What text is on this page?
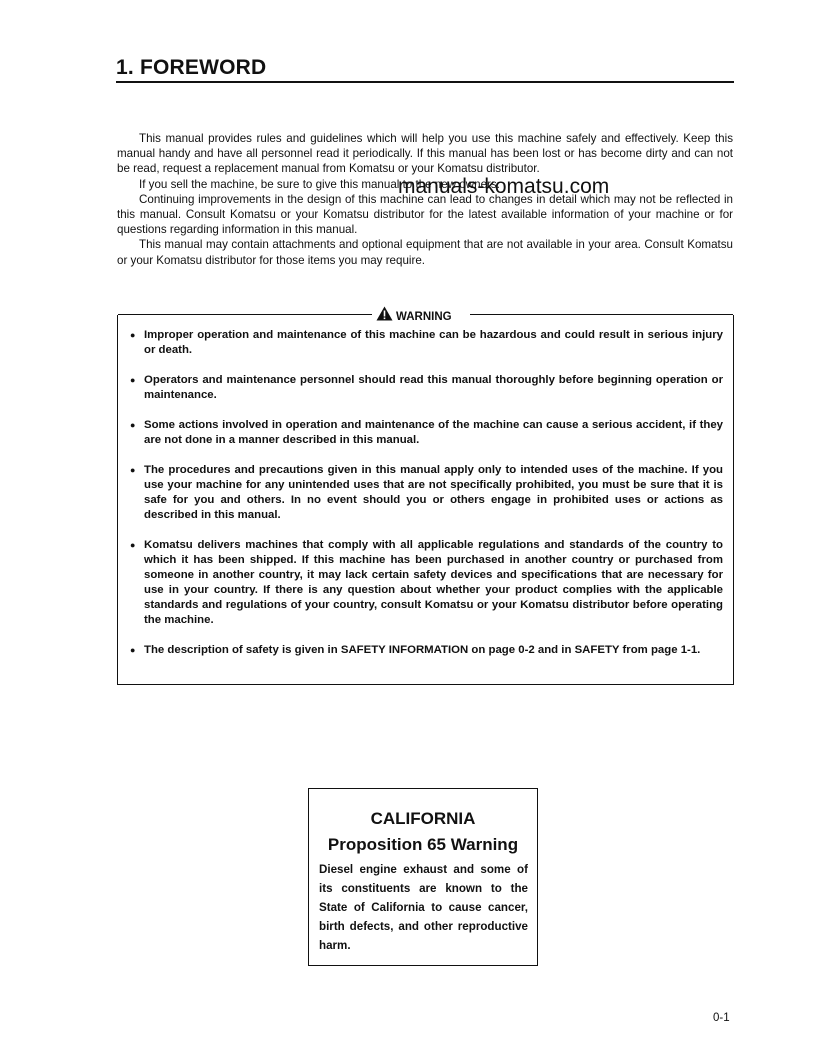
1. FOREWORD

This manual provides rules and guidelines which will help you use this machine safely and effectively. Keep this manual handy and have all personnel read it periodically. If this manual has been lost or has become dirty and can not be read, request a replacement manual from Komatsu or your Komatsu distributor.

If you sell the machine, be sure to give this manual to the new owners.

Continuing improvements in the design of this machine can lead to changes in detail which may not be reflected in this manual. Consult Komatsu or your Komatsu distributor for the latest available information of your machine or for questions regarding information in this manual.

This manual may contain attachments and optional equipment that are not available in your area. Consult Komatsu or your Komatsu distributor for those items you may require.

manuals-komatsu.com
WARNING
● Improper operation and maintenance of this machine can be hazardous and could result in serious injury or death.
● Operators and maintenance personnel should read this manual thoroughly before beginning operation or maintenance.
● Some actions involved in operation and maintenance of the machine can cause a serious accident, if they are not done in a manner described in this manual.
● The procedures and precautions given in this manual apply only to intended uses of the machine. If you use your machine for any unintended uses that are not specifically prohibited, you must be sure that it is safe for you and others. In no event should you or others engage in prohibited uses or actions as described in this manual.
● Komatsu delivers machines that comply with all applicable regulations and standards of the country to which it has been shipped. If this machine has been purchased in another country or purchased from someone in another country, it may lack certain safety devices and specifications that are necessary for use in your country. If there is any question about whether your product complies with the applicable standards and regulations of your country, consult Komatsu or your Komatsu distributor before operating the machine.
● The description of safety is given in SAFETY INFORMATION on page 0-2 and in SAFETY from page 1-1.
CALIFORNIA
Proposition 65 Warning
Diesel engine exhaust and some of its constituents are known to the State of California to cause cancer, birth defects, and other reproductive harm.
0-1
